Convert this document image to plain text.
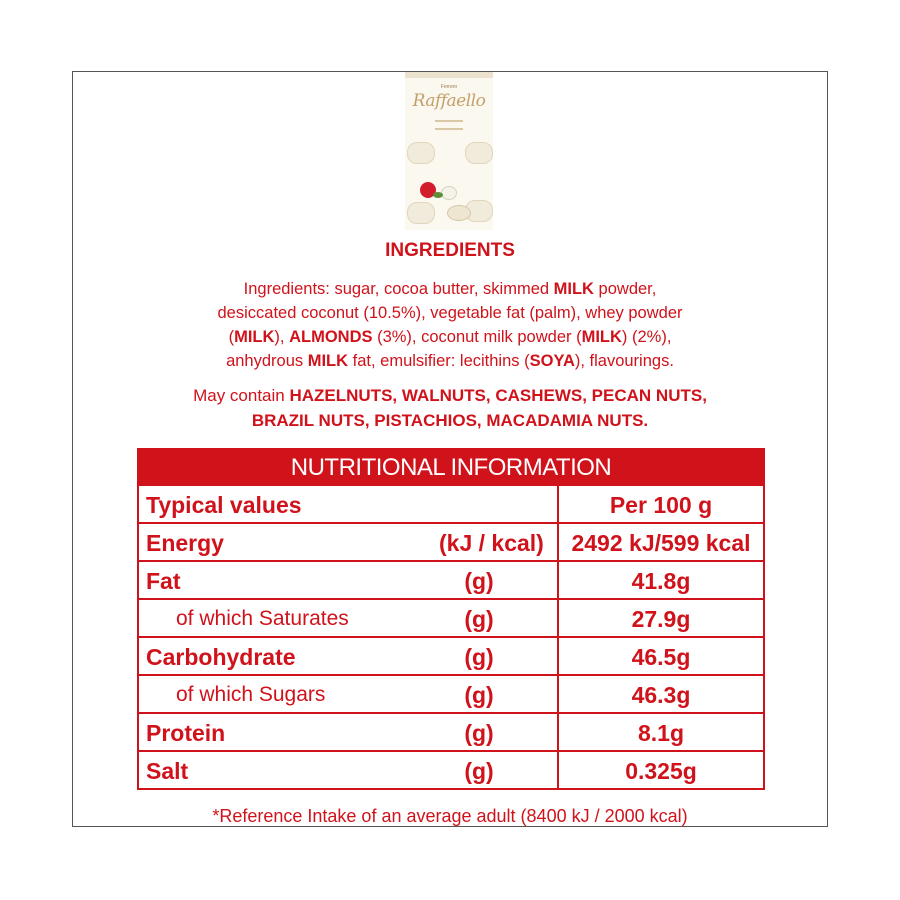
Ferrero
Raffaello
INGREDIENTS
Ingredients: sugar, cocoa butter, skimmed MILK powder,
desiccated coconut (10.5%), vegetable fat (palm), whey powder
(MILK), ALMONDS (3%), coconut milk powder (MILK) (2%),
anhydrous MILK fat, emulsifier: lecithins (SOYA), flavourings.
May contain HAZELNUTS, WALNUTS, CASHEWS, PECAN NUTS,
BRAZIL NUTS, PISTACHIOS, MACADAMIA NUTS.
NUTRITIONAL INFORMATION
Typical values	Per 100 g
Energy	(kJ / kcal)	2492 kJ/599 kcal
Fat	(g)	41.8g
of which Saturates	(g)	27.9g
Carbohydrate	(g)	46.5g
of which Sugars	(g)	46.3g
Protein	(g)	8.1g
Salt	(g)	0.325g
*Reference Intake of an average adult (8400 kJ / 2000 kcal)
